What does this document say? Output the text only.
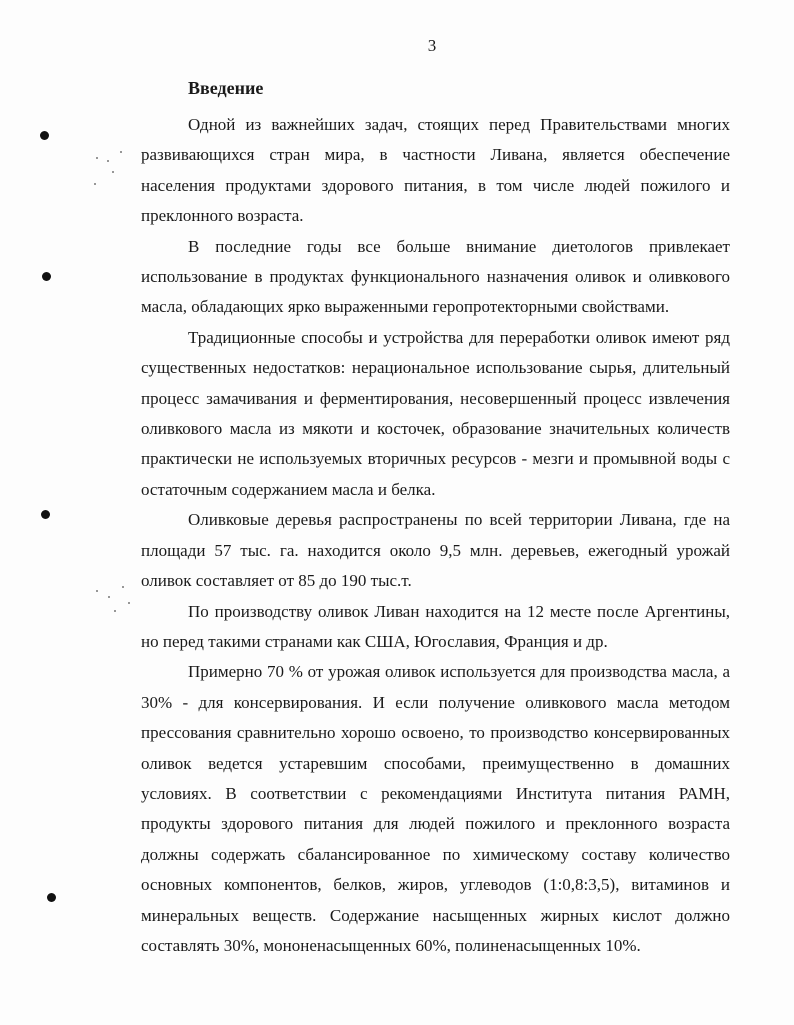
3
Введение

Одной из важнейших задач, стоящих перед Правительствами многих развивающихся стран мира, в частности Ливана, является обеспечение населения продуктами здорового питания, в том числе людей пожилого и преклонного возраста.

В последние годы все больше внимание диетологов привлекает использование в продуктах функционального назначения оливок и оливкового масла, обладающих ярко выраженными геропротекторными свойствами.

Традиционные способы и устройства для переработки оливок имеют ряд существенных недостатков: нерациональное использование сырья, длительный процесс замачивания и ферментирования, несовершенный процесс извлечения оливкового масла из мякоти и косточек, образование значительных количеств практически не используемых вторичных ресурсов - мезги и промывной воды с остаточным содержанием масла и белка.

Оливковые деревья распространены по всей территории Ливана, где на площади 57 тыс. га. находится около 9,5 млн. деревьев, ежегодный урожай оливок составляет от 85 до 190 тыс.т.

По производству оливок Ливан находится на 12 месте после Аргентины, но перед такими странами как США, Югославия, Франция и др.

Примерно 70 % от урожая оливок используется для производства масла, а 30% - для консервирования. И если получение оливкового масла методом прессования сравнительно хорошо освоено, то производство консервированных оливок ведется устаревшим способами, преимущественно в домашних условиях. В соответствии с рекомендациями Института питания РАМН, продукты здорового питания для людей пожилого и преклонного возраста должны содержать сбалансированное по химическому составу количество основных компонентов, белков, жиров, углеводов (1:0,8:3,5), витаминов и минеральных веществ. Содержание насыщенных жирных кислот должно составлять 30%, мононенасыщенных 60%, полиненасыщенных 10%.
